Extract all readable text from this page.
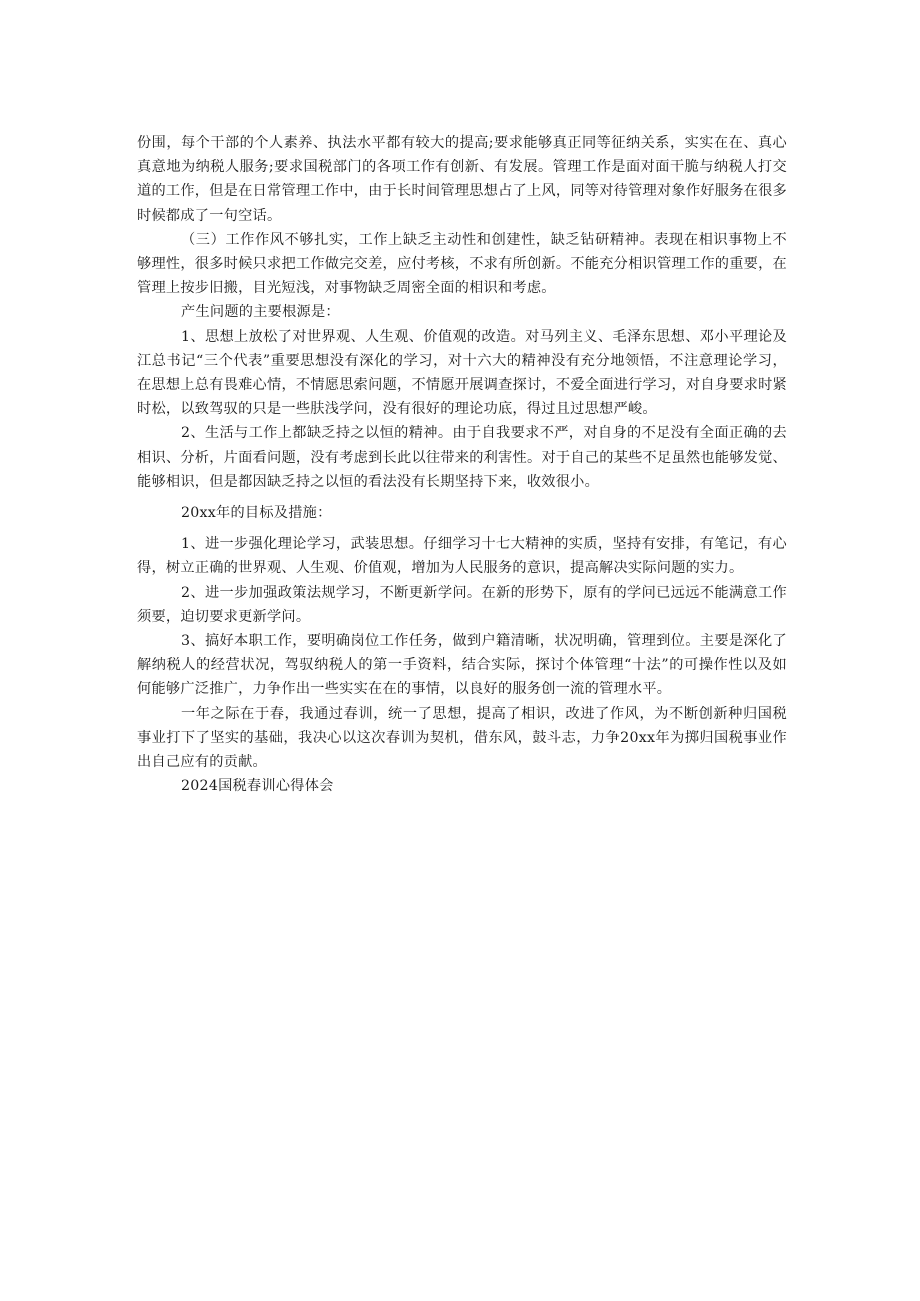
份围，每个干部的个人素养、执法水平都有较大的提高;要求能够真正同等征纳关系，实实在在、真心真意地为纳税人服务;要求国税部门的各项工作有创新、有发展。管理工作是面对面干脆与纳税人打交道的工作，但是在日常管理工作中，由于长时间管理思想占了上风，同等对待管理对象作好服务在很多时候都成了一句空话。

（三）工作作风不够扎实，工作上缺乏主动性和创建性，缺乏钻研精神。表现在相识事物上不够理性，很多时候只求把工作做完交差，应付考核，不求有所创新。不能充分相识管理工作的重要，在管理上按步旧搬，目光短浅，对事物缺乏周密全面的相识和考虑。

产生问题的主要根源是：

1、思想上放松了对世界观、人生观、价值观的改造。对马列主义、毛泽东思想、邓小平理论及江总书记“三个代表”重要思想没有深化的学习，对十六大的精神没有充分地领悟，不注意理论学习，在思想上总有畏难心情，不情愿思索问题，不情愿开展调查探讨，不爱全面进行学习，对自身要求时紧时松，以致驾驭的只是一些肤浅学问，没有很好的理论功底，得过且过思想严峻。

2、生活与工作上都缺乏持之以恒的精神。由于自我要求不严，对自身的不足没有全面正确的去相识、分析，片面看问题，没有考虑到长此以往带来的利害性。对于自己的某些不足虽然也能够发觉、能够相识，但是都因缺乏持之以恒的看法没有长期坚持下来，收效很小。

20xx年的目标及措施：

1、进一步强化理论学习，武装思想。仔细学习十七大精神的实质，坚持有安排，有笔记，有心得，树立正确的世界观、人生观、价值观，增加为人民服务的意识，提高解决实际问题的实力。

2、进一步加强政策法规学习，不断更新学问。在新的形势下，原有的学问已远远不能满意工作须要，迫切要求更新学问。

3、搞好本职工作，要明确岗位工作任务，做到户籍清晰，状况明确，管理到位。主要是深化了解纳税人的经营状况，驾驭纳税人的第一手资料，结合实际，探讨个体管理“十法”的可操作性以及如何能够广泛推广，力争作出一些实实在在的事情，以良好的服务创一流的管理水平。

一年之际在于春，我通过春训，统一了思想，提高了相识，改进了作风，为不断创新种归国税事业打下了坚实的基础，我决心以这次春训为契机，借东风，鼓斗志，力争20xx年为掷归国税事业作出自己应有的贡献。

2024国税春训心得体会
